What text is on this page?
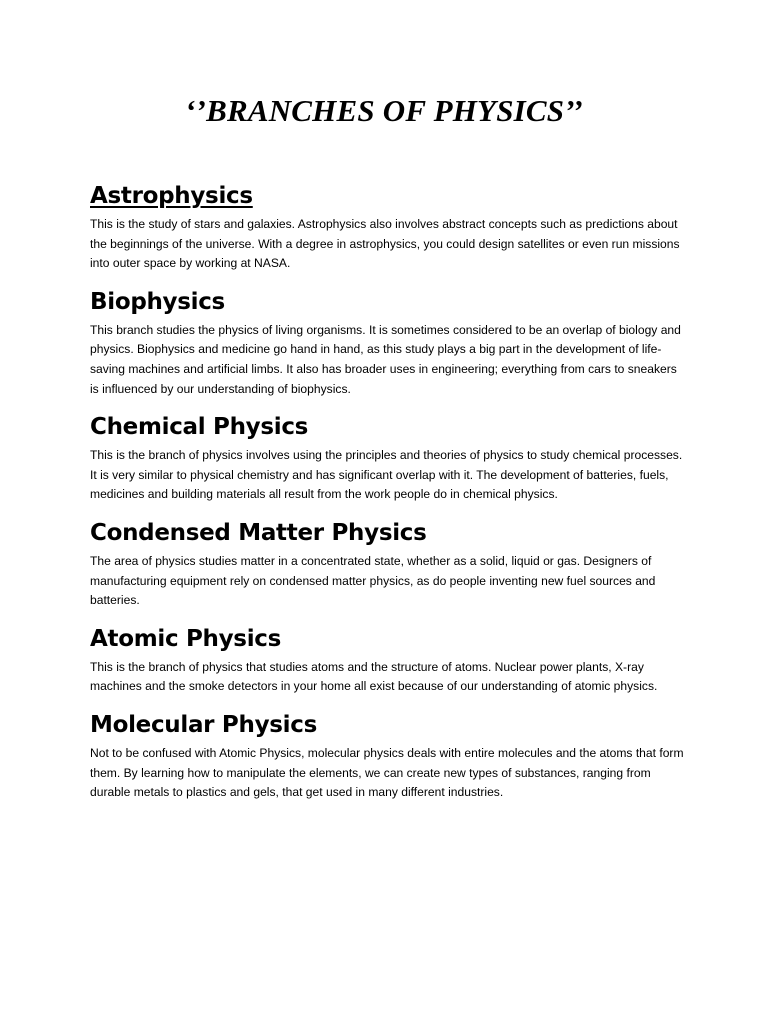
‘’BRANCHES OF PHYSICS’’
Astrophysics

This is the study of stars and galaxies. Astrophysics also involves abstract concepts such as predictions about the beginnings of the universe. With a degree in astrophysics, you could design satellites or even run missions into outer space by working at NASA.

Biophysics

This branch studies the physics of living organisms. It is sometimes considered to be an overlap of biology and physics. Biophysics and medicine go hand in hand, as this study plays a big part in the development of life-saving machines and artificial limbs. It also has broader uses in engineering; everything from cars to sneakers is influenced by our understanding of biophysics.

Chemical Physics

This is the branch of physics involves using the principles and theories of physics to study chemical processes. It is very similar to physical chemistry and has significant overlap with it. The development of batteries, fuels, medicines and building materials all result from the work people do in chemical physics.

Condensed Matter Physics

The area of physics studies matter in a concentrated state, whether as a solid, liquid or gas. Designers of manufacturing equipment rely on condensed matter physics, as do people inventing new fuel sources and batteries.

Atomic Physics

This is the branch of physics that studies atoms and the structure of atoms. Nuclear power plants, X-ray machines and the smoke detectors in your home all exist because of our understanding of atomic physics.

Molecular Physics

Not to be confused with Atomic Physics, molecular physics deals with entire molecules and the atoms that form them. By learning how to manipulate the elements, we can create new types of substances, ranging from durable metals to plastics and gels, that get used in many different industries.
